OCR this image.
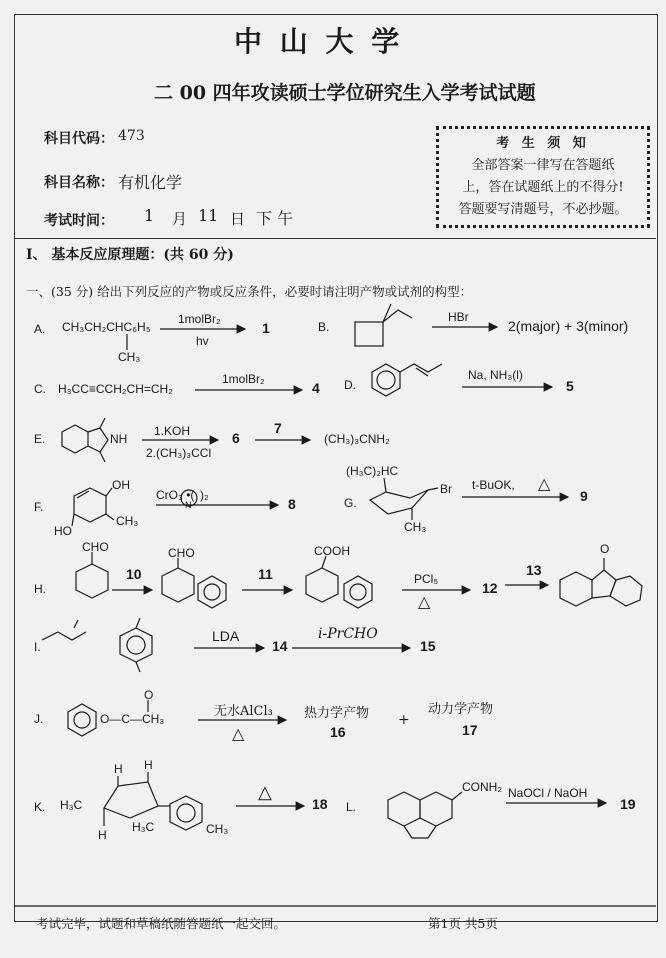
中 山 大 学
二 00 四年攻读硕士学位研究生入学考试试题
科目代码： 473
科目名称： 有机化学
考试时间： 1 月 11 日 下 午
考 生 须 知
全部答案一律写在答题纸
上，答在试题纸上的不得分!
答题要写清题号，不必抄题。
I、 基本反应原理题：(共 60 分)
一、(35 分) 给出下列反应的产物或反应条件，必要时请注明产物或试剂的构型：
A. CH₃CH₂CHC₆H₅
CH₃
1molBr₂
hv
1	B.
HBr
2(major) + 3(minor)
C. H₃CC≡CCH₂CH=CH₂
1molBr₂
4 D.
Na, NH₃(l)
5
E.	NH
1.KOH
2.(CH₃)₃CCl
6
7
(CH₃)₃CNH₂
F.
OH
CH₃
HO
CrO₃ •(
N
)₂
8	G.
(H₃C)₂HC
Br
CH₃
t-BuOK, △
9
H.
CHO
10
CHO
11
COOH
PCl₅
△
12
13
O
I.
LDA
14
i-PrCHO
15
J.	O—C—CH₃
O
无水AlCl₃
△
热力学产物
16
+
动力学产物
17
K.
H H
H
H₃C
H₃C	CH₃
△
18 L.
CONH₂ NaOCl / NaOH
19
考试完毕，试题和草稿纸随答题纸一起交回。	第1页 共5页
